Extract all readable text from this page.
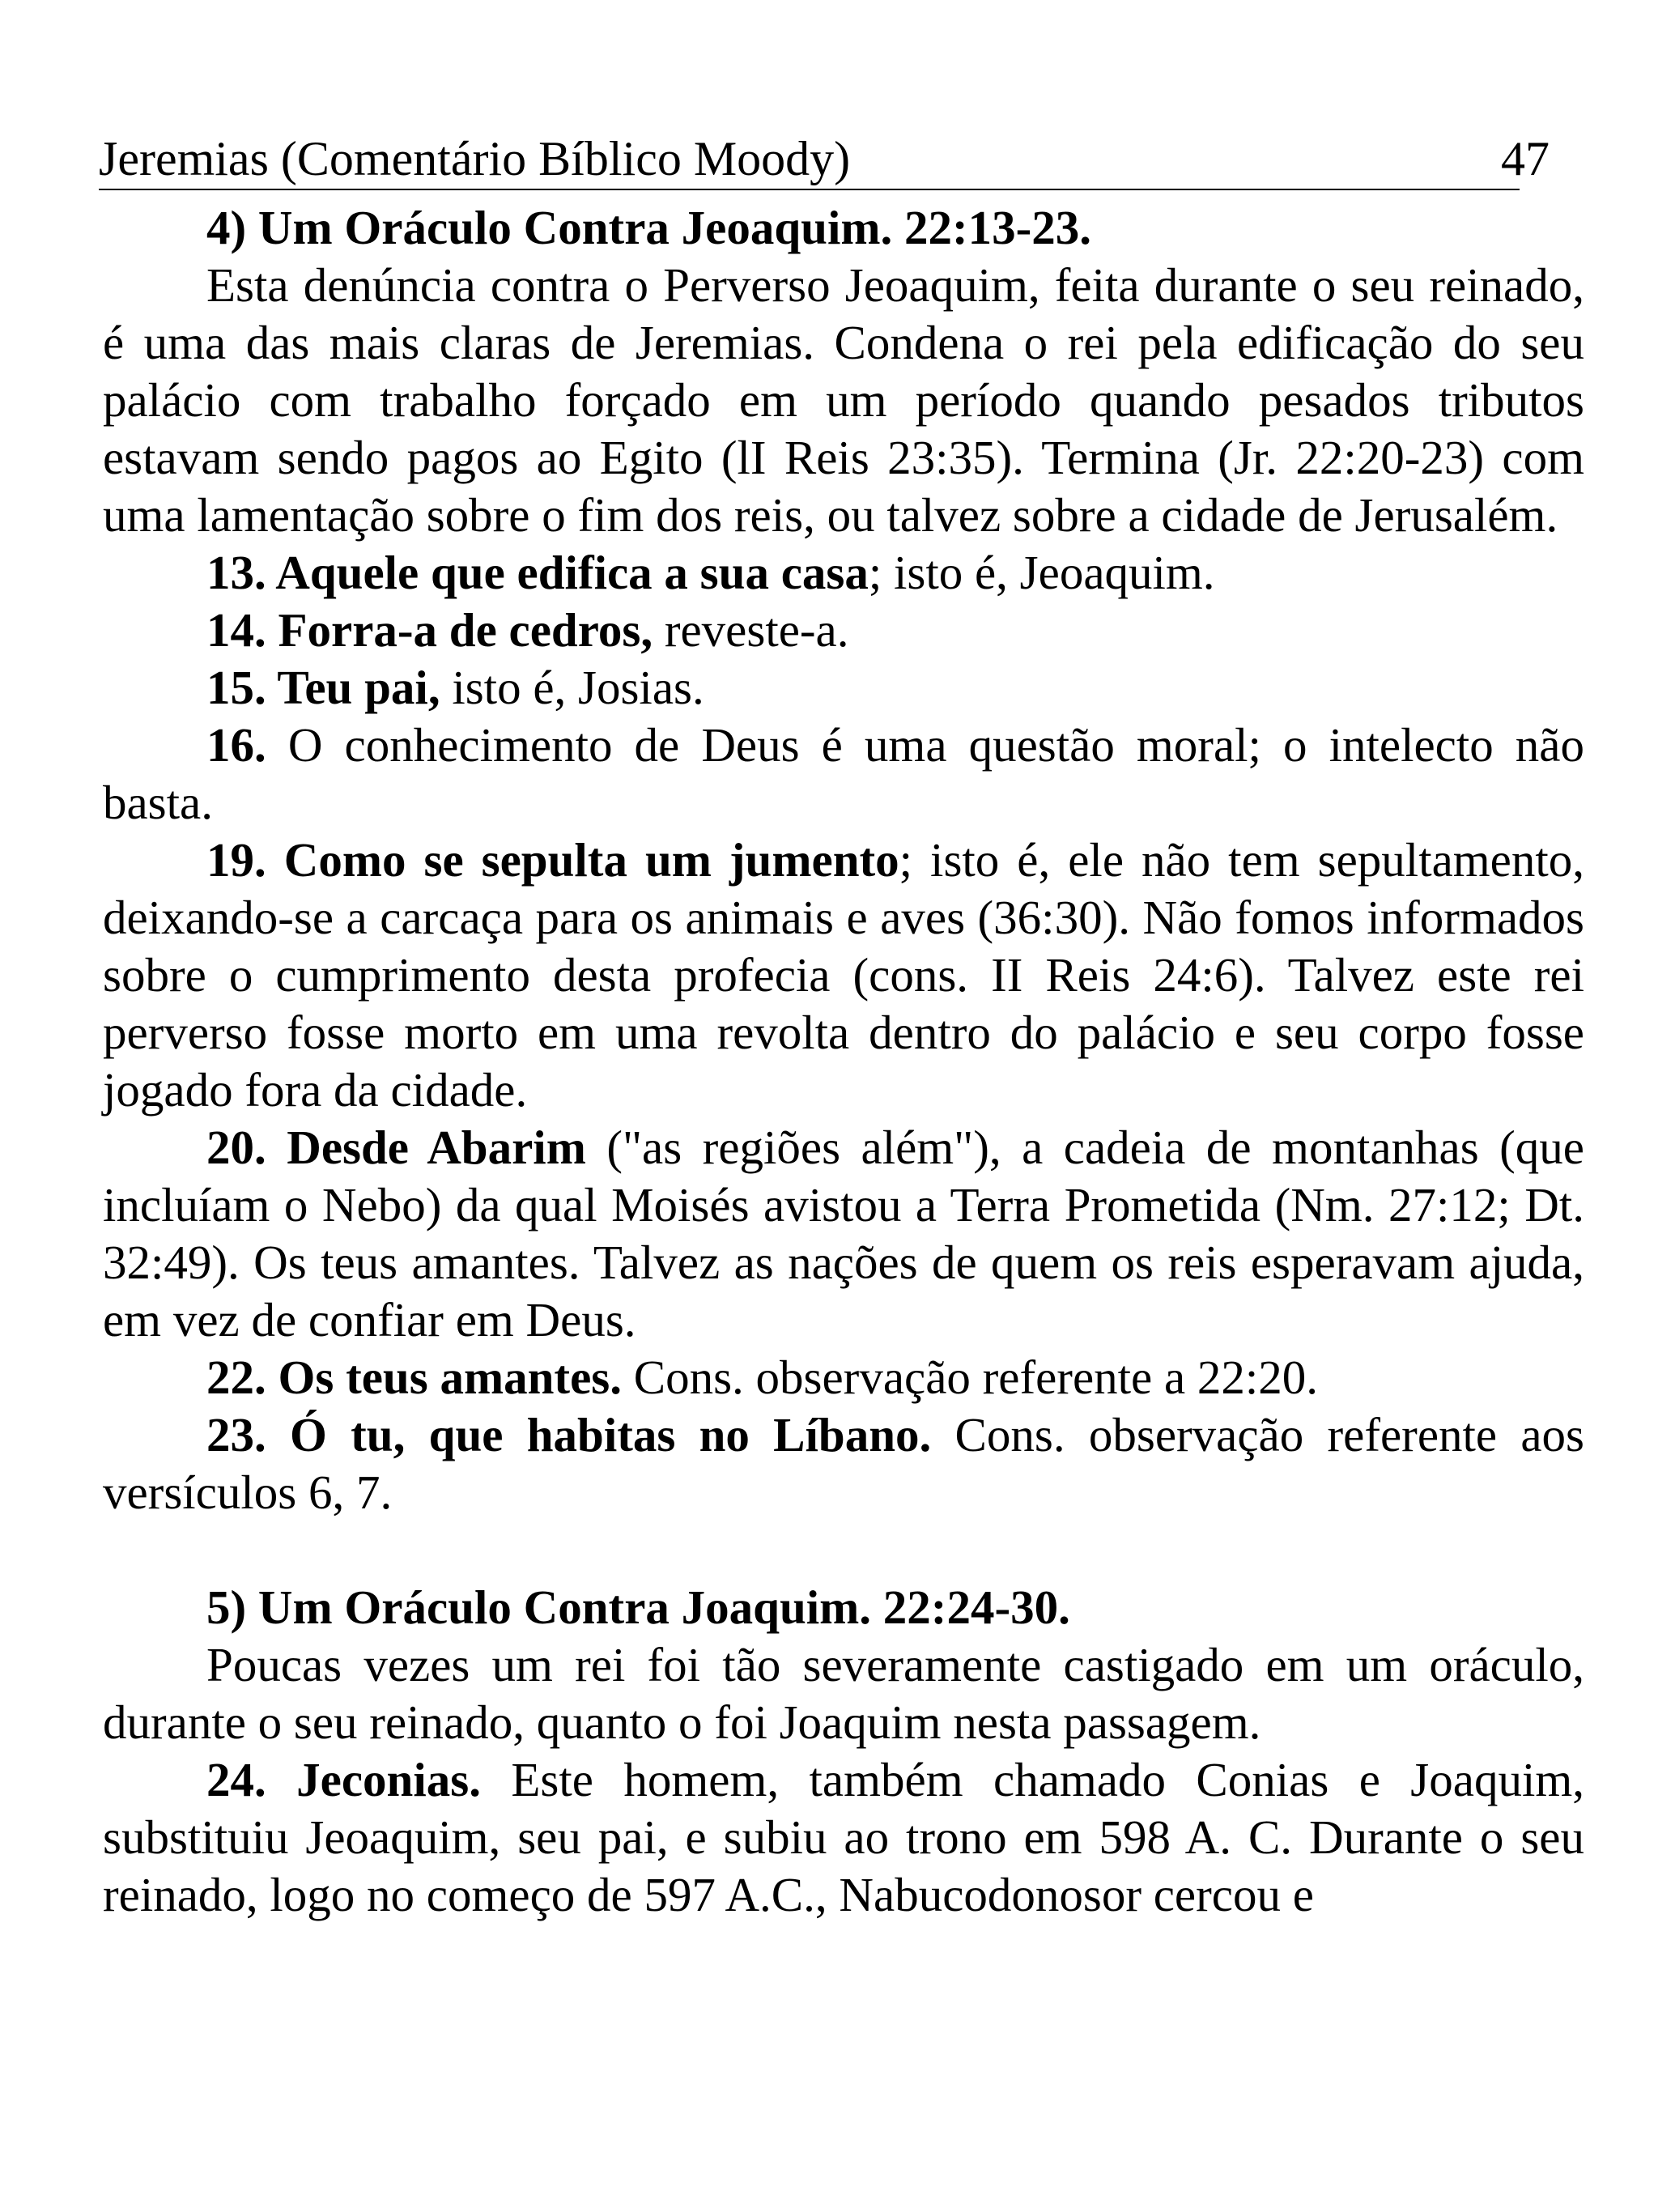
Jeremias (Comentário Bíblico Moody)	47

4) Um Oráculo Contra Jeoaquim. 22:13-23.

Esta denúncia contra o Perverso Jeoaquim, feita durante o seu reinado, é uma das mais claras de Jeremias. Condena o rei pela edificação do seu palácio com trabalho forçado em um período quando pesados tributos estavam sendo pagos ao Egito (lI Reis 23:35). Termina (Jr. 22:20-23) com uma lamentação sobre o fim dos reis, ou talvez sobre a cidade de Jerusalém.

13. Aquele que edifica a sua casa; isto é, Jeoaquim.

14. Forra-a de cedros, reveste-a.

15. Teu pai, isto é, Josias.

16. O conhecimento de Deus é uma questão moral; o intelecto não basta.

19. Como se sepulta um jumento; isto é, ele não tem sepultamento, deixando-se a carcaça para os animais e aves (36:30). Não fomos informados sobre o cumprimento desta profecia (cons. II Reis 24:6). Talvez este rei perverso fosse morto em uma revolta dentro do palácio e seu corpo fosse jogado fora da cidade.

20. Desde Abarim ("as regiões além"), a cadeia de montanhas (que incluíam o Nebo) da qual Moisés avistou a Terra Prometida (Nm. 27:12; Dt. 32:49). Os teus amantes. Talvez as nações de quem os reis esperavam ajuda, em vez de confiar em Deus.

22. Os teus amantes. Cons. observação referente a 22:20.

23. Ó tu, que habitas no Líbano. Cons. observação referente aos versículos 6, 7.

5) Um Oráculo Contra Joaquim. 22:24-30.

Poucas vezes um rei foi tão severamente castigado em um oráculo, durante o seu reinado, quanto o foi Joaquim nesta passagem.

24. Jeconias. Este homem, também chamado Conias e Joaquim, substituiu Jeoaquim, seu pai, e subiu ao trono em 598 A. C. Durante o seu reinado, logo no começo de 597 A.C., Nabucodonosor cercou e
